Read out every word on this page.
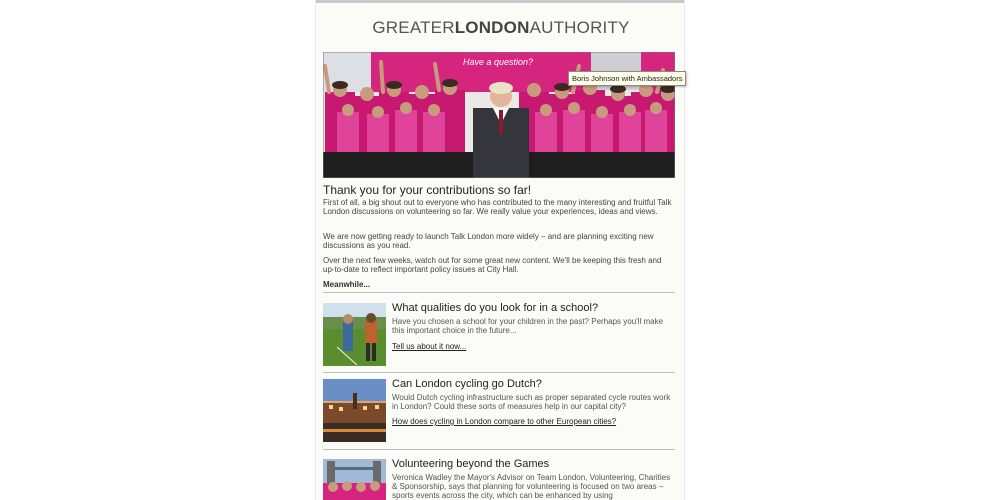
GREATERLONDONAUTHORITY
Have a question?
Thank you for your contributions so far!
First of all, a big shout out to everyone who has contributed to the many interesting and fruitful Talk London discussions on volunteering so far. We really value your experiences, ideas and views.
We are now getting ready to launch Talk London more widely – and are planning exciting new discussions as you read.
Over the next few weeks, watch out for some great new content. We'll be keeping this fresh and up-to-date to reflect important policy issues at City Hall.
Meanwhile...
What qualities do you look for in a school?
Have you chosen a school for your children in the past? Perhaps you'll make this important choice in the future...
Tell us about it now...
Can London cycling go Dutch?
Would Dutch cycling infrastructure such as proper separated cycle routes work in London? Could these sorts of measures help in our capital city?
How does cycling in London compare to other European cities?
Volunteering beyond the Games
Veronica Wadley the Mayor's Advisor on Team London, Volunteering, Charities & Sponsorship, says that planning for volunteering is focused on two areas – sports events across the city, which can be enhanced by using
Boris Johnson with Ambassadors
